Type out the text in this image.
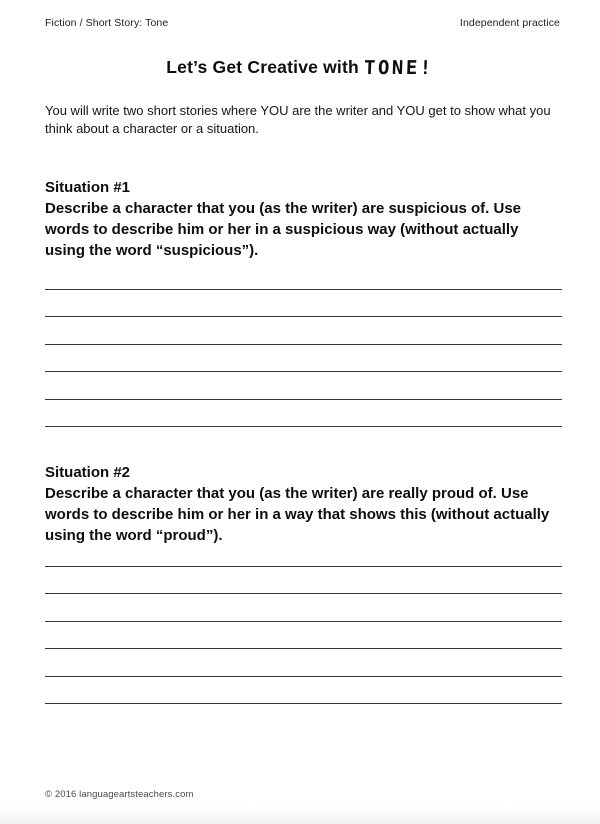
Fiction / Short Story: Tone	Independent practice
Let’s Get Creative with TONE!
You will write two short stories where YOU are the writer and YOU get to show what you think about a character or a situation.
Situation #1
Describe a character that you (as the writer) are suspicious of. Use words to describe him or her in a suspicious way (without actually using the word “suspicious”).
Situation #2
Describe a character that you (as the writer) are really proud of. Use words to describe him or her in a way that shows this (without actually using the word “proud”).
© 2016 languageartsteachers.com
